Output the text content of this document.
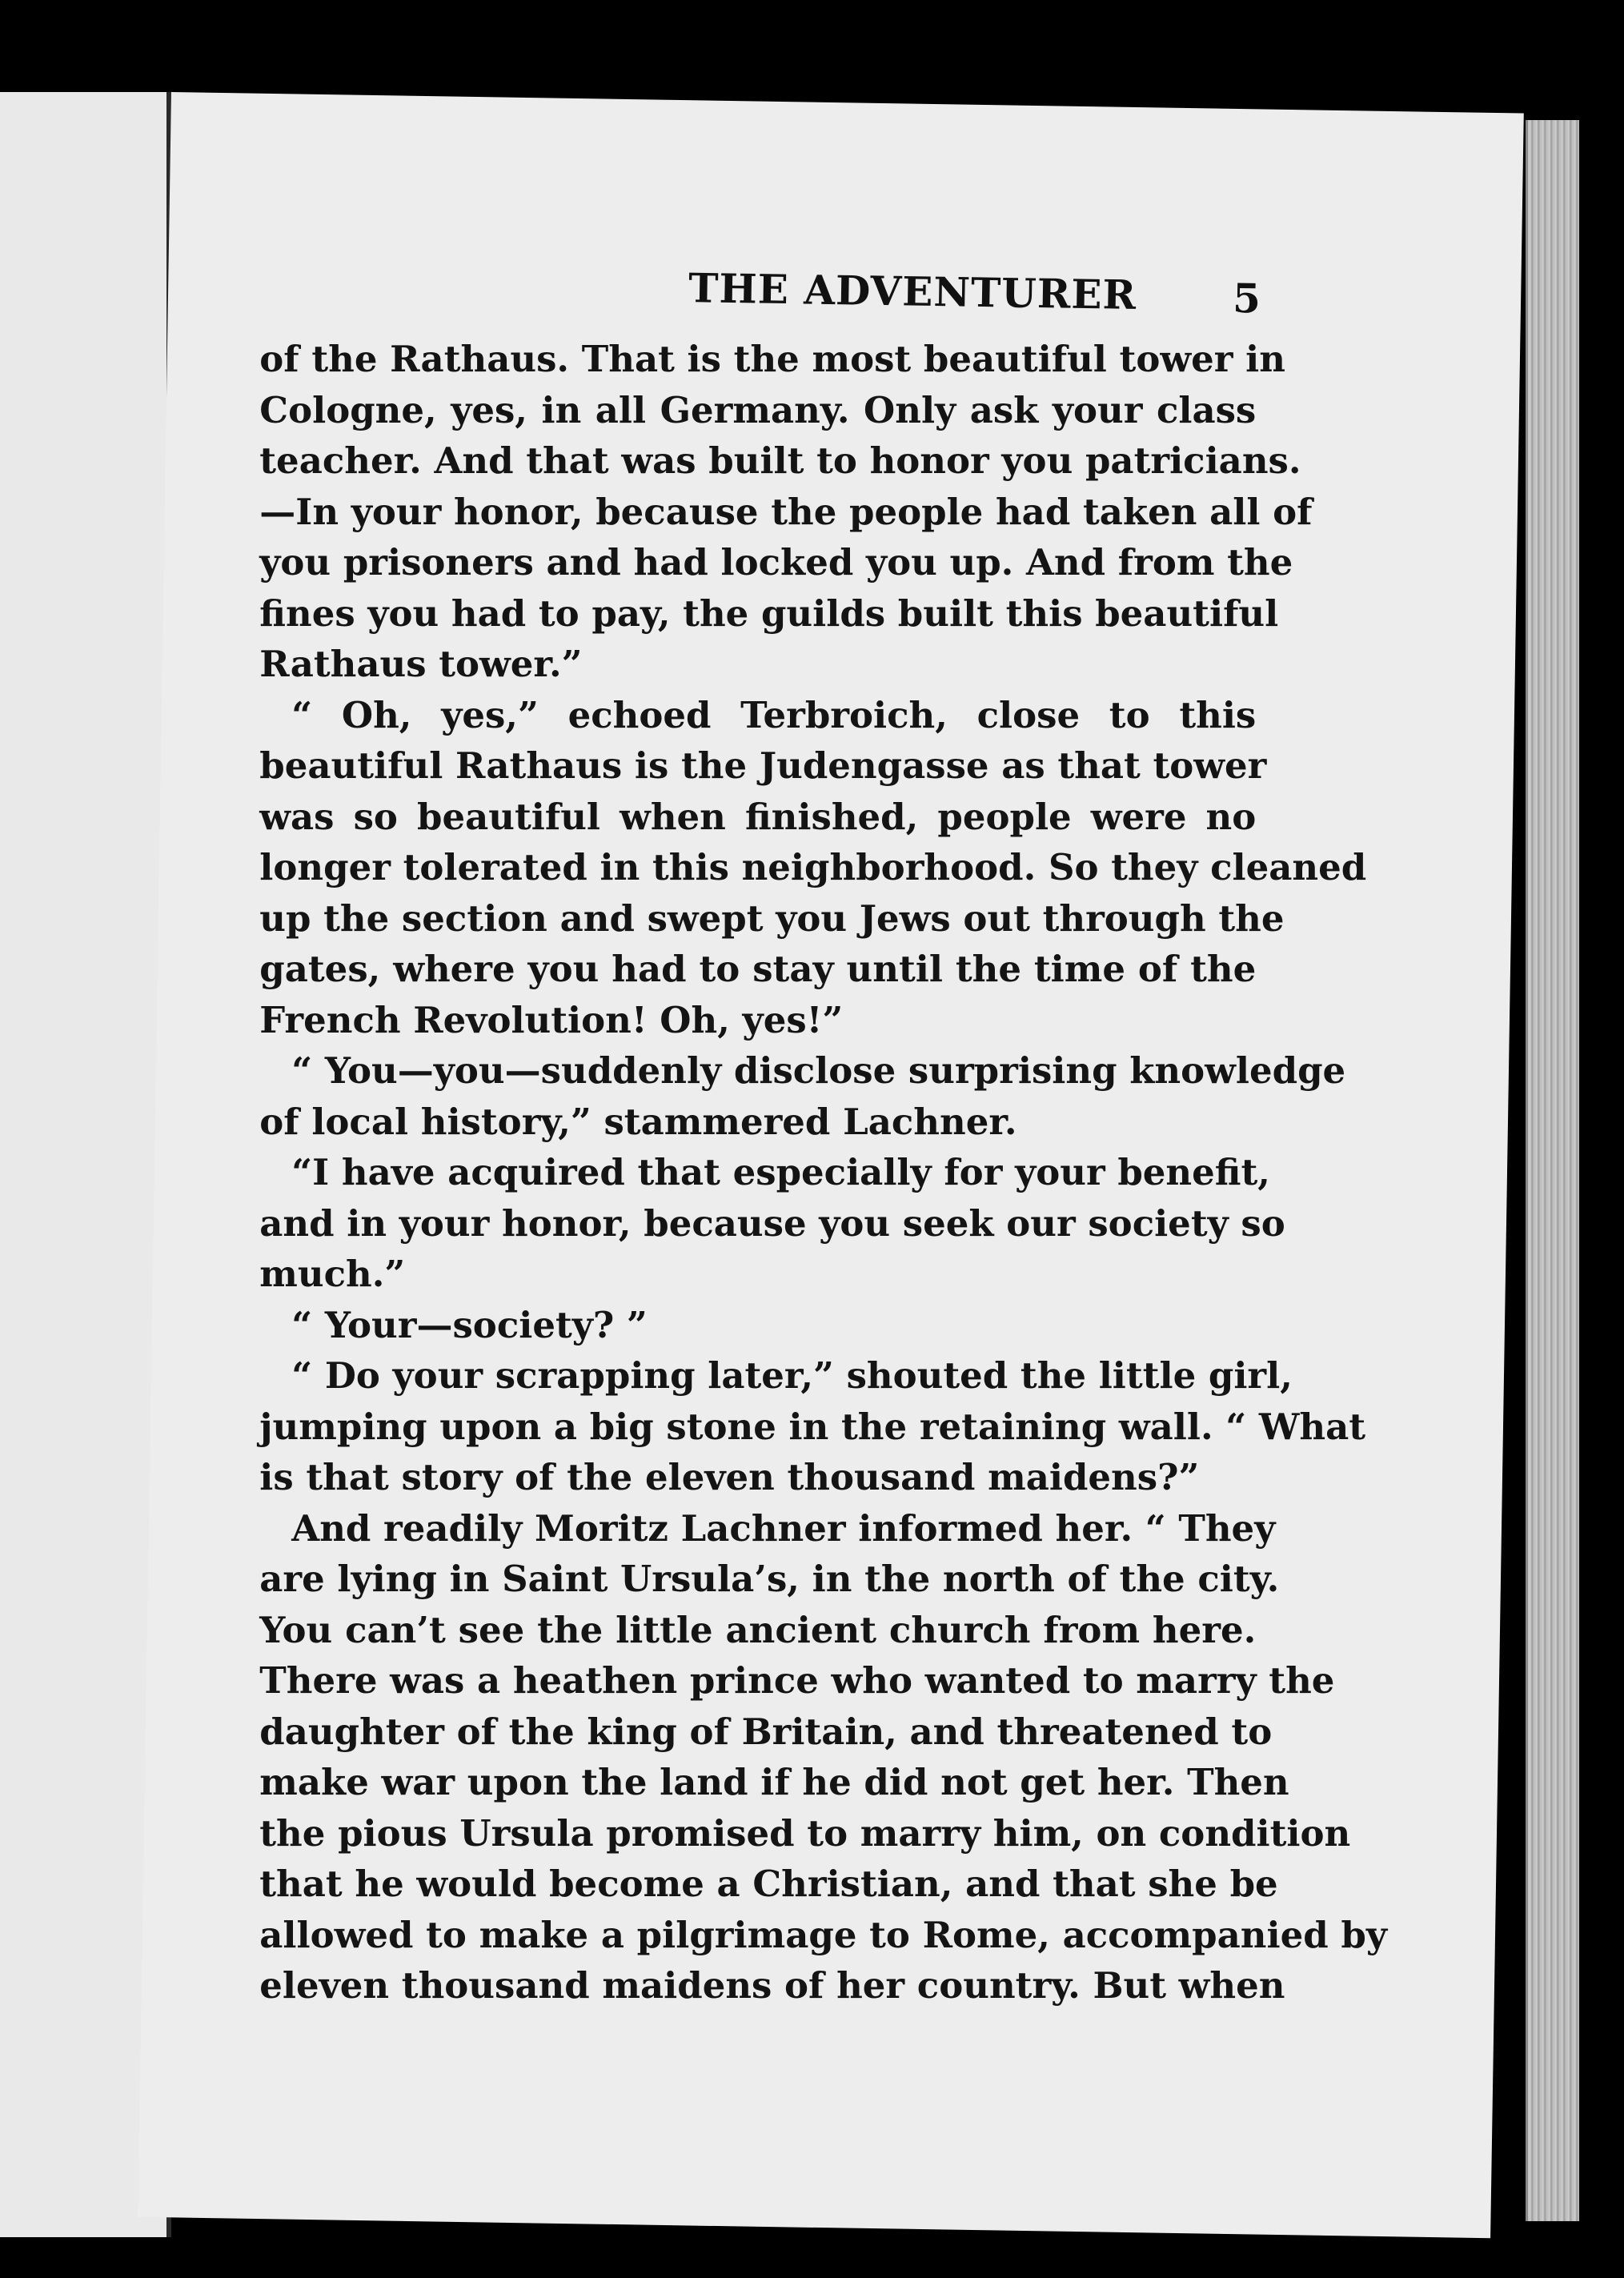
THE ADVENTURER	5
of the Rathaus. That is the most beautiful tower in
Cologne, yes, in all Germany. Only ask your class
teacher. And that was built to honor you patricians.
—In your honor, because the people had taken all of
you prisoners and had locked you up. And from the
fines you had to pay, the guilds built this beautiful
Rathaus tower.”
“ Oh, yes,” echoed Terbroich, close to this
beautiful Rathaus is the Judengasse as that tower
was so beautiful when finished, people were no
longer tolerated in this neighborhood. So they cleaned
up the section and swept you Jews out through the
gates, where you had to stay until the time of the
French Revolution! Oh, yes!”
“ You—you—suddenly disclose surprising knowledge
of local history,” stammered Lachner.
“I have acquired that especially for your benefit,
and in your honor, because you seek our society so
much.”
“ Your—society? ”
“ Do your scrapping later,” shouted the little girl,
jumping upon a big stone in the retaining wall. “ What
is that story of the eleven thousand maidens?”
And readily Moritz Lachner informed her. “ They
are lying in Saint Ursula’s, in the north of the city.
You can’t see the little ancient church from here.
There was a heathen prince who wanted to marry the
daughter of the king of Britain, and threatened to
make war upon the land if he did not get her. Then
the pious Ursula promised to marry him, on condition
that he would become a Christian, and that she be
allowed to make a pilgrimage to Rome, accompanied by
eleven thousand maidens of her country. But when
